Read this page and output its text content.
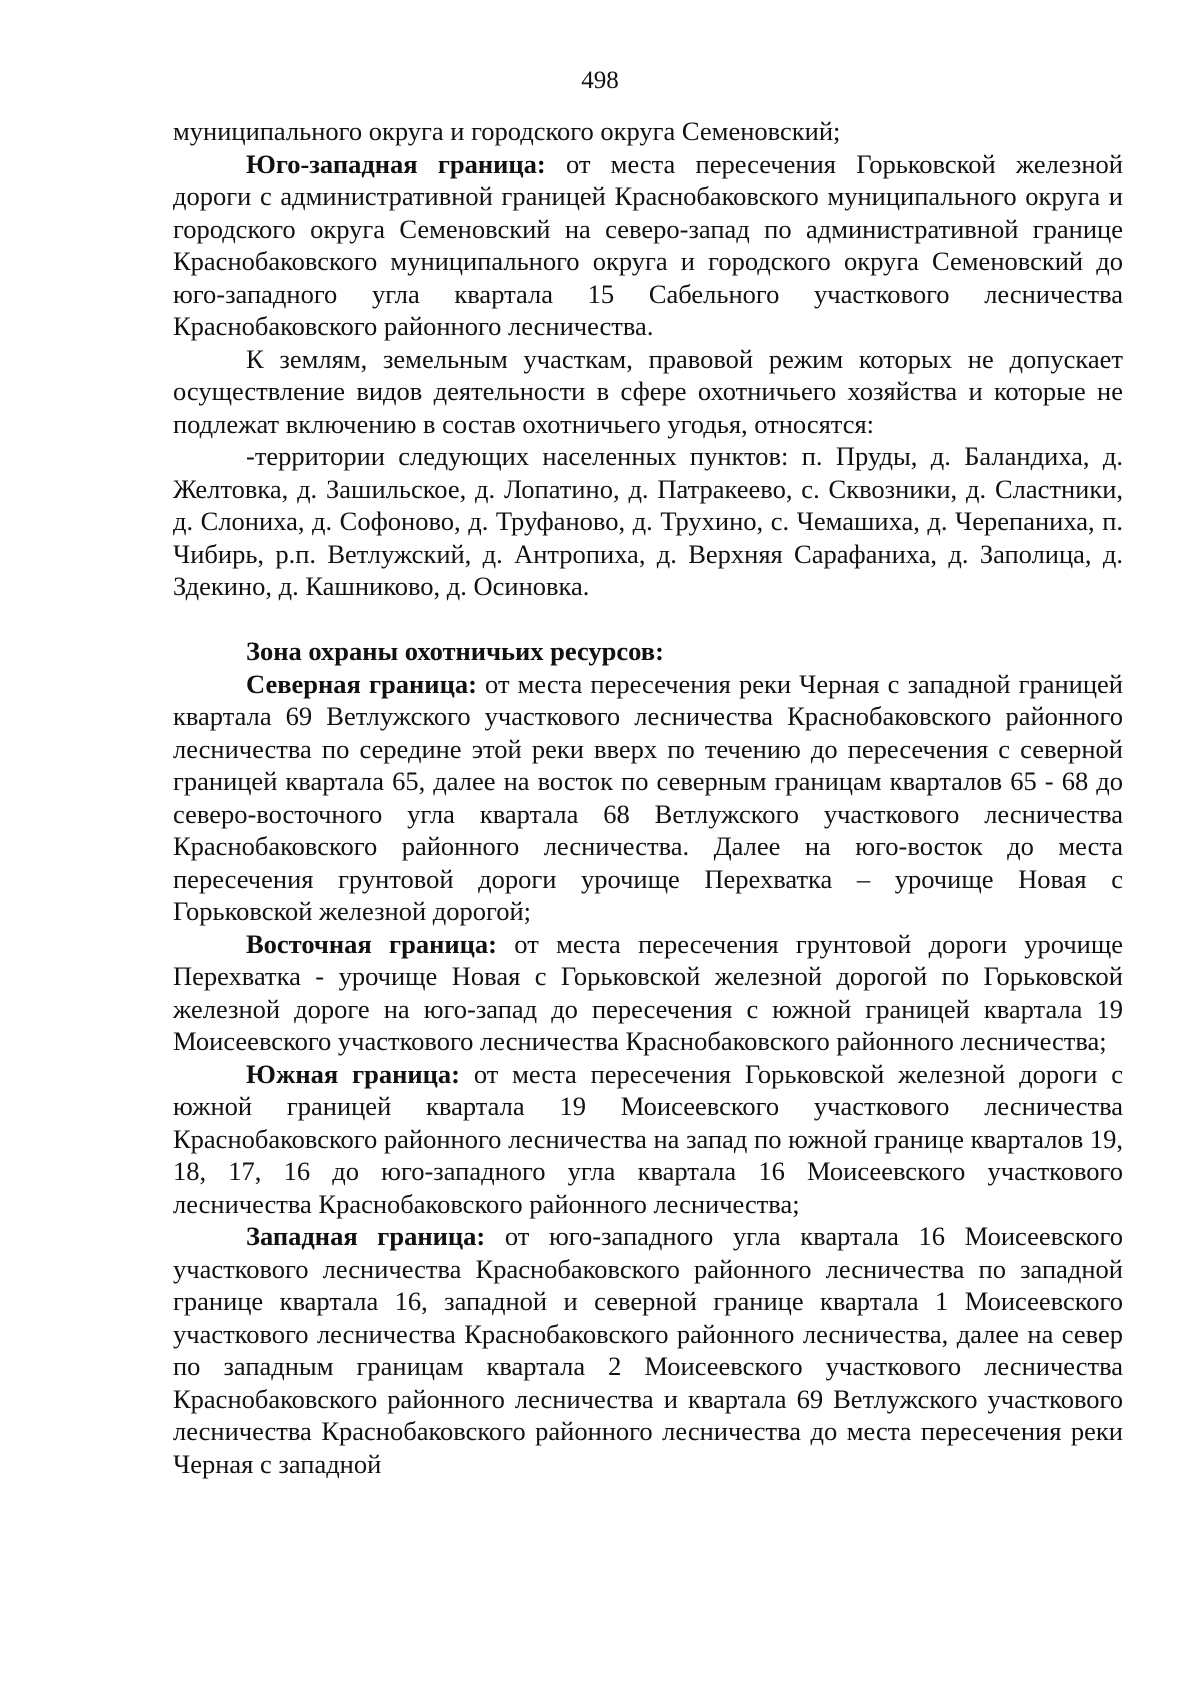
498

муниципального округа и городского округа Семеновский;

Юго-западная граница: от места пересечения Горьковской железной дороги с административной границей Краснобаковского муниципального округа и городского округа Семеновский на северо-запад по административной границе Краснобаковского муниципального округа и городского округа Семеновский до юго-западного угла квартала 15 Сабельного участкового лесничества Краснобаковского районного лесничества.

К землям, земельным участкам, правовой режим которых не допускает осуществление видов деятельности в сфере охотничьего хозяйства и которые не подлежат включению в состав охотничьего угодья, относятся:

-территории следующих населенных пунктов: п. Пруды, д. Баландиха, д. Желтовка, д. Зашильское, д. Лопатино, д. Патракеево, с. Сквозники, д. Сластники, д. Слониха, д. Софоново, д. Труфаново, д. Трухино, с. Чемашиха, д. Черепаниха, п. Чибирь, р.п. Ветлужский, д. Антропиха, д. Верхняя Сарафаниха, д. Заполица, д. Здекино, д. Кашниково, д. Осиновка.

Зона охраны охотничьих ресурсов:

Северная граница: от места пересечения реки Черная с западной границей квартала 69 Ветлужского участкового лесничества Краснобаковского районного лесничества по середине этой реки вверх по течению до пересечения с северной границей квартала 65, далее на восток по северным границам кварталов 65 - 68 до северо-восточного угла квартала 68 Ветлужского участкового лесничества Краснобаковского районного лесничества. Далее на юго-восток до места пересечения грунтовой дороги урочище Перехватка – урочище Новая с Горьковской железной дорогой;

Восточная граница: от места пересечения грунтовой дороги урочище Перехватка - урочище Новая с Горьковской железной дорогой по Горьковской железной дороге на юго-запад до пересечения с южной границей квартала 19 Моисеевского участкового лесничества Краснобаковского районного лесничества;

Южная граница: от места пересечения Горьковской железной дороги с южной границей квартала 19 Моисеевского участкового лесничества Краснобаковского районного лесничества на запад по южной границе кварталов 19, 18, 17, 16 до юго-западного угла квартала 16 Моисеевского участкового лесничества Краснобаковского районного лесничества;

Западная граница: от юго-западного угла квартала 16 Моисеевского участкового лесничества Краснобаковского районного лесничества по западной границе квартала 16, западной и северной границе квартала 1 Моисеевского участкового лесничества Краснобаковского районного лесничества, далее на север по западным границам квартала 2 Моисеевского участкового лесничества Краснобаковского районного лесничества и квартала 69 Ветлужского участкового лесничества Краснобаковского районного лесничества до места пересечения реки Черная с западной
